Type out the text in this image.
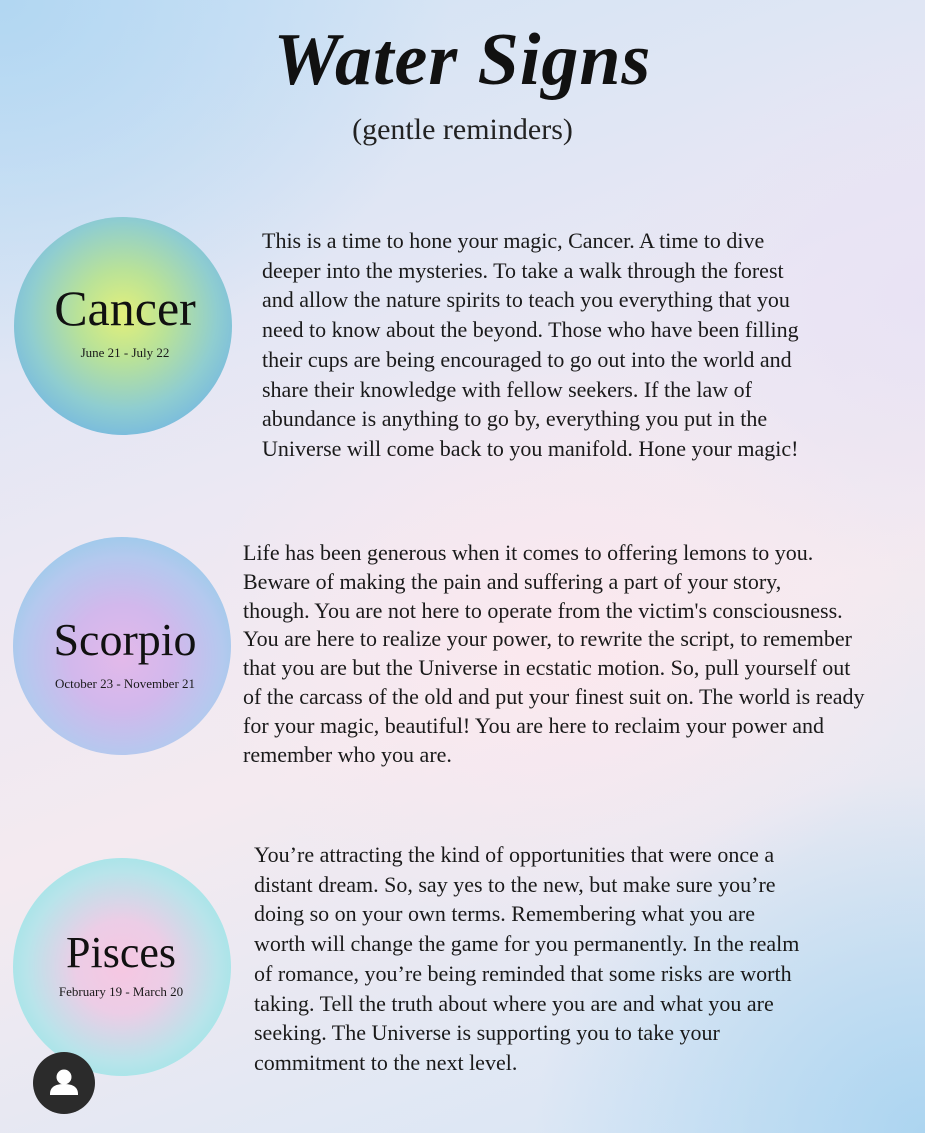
Water Signs
(gentle reminders)
Cancer
June 21 - July 22

This is a time to hone your magic, Cancer. A time to dive
deeper into the mysteries. To take a walk through the forest
and allow the nature spirits to teach you everything that you
need to know about the beyond. Those who have been filling
their cups are being encouraged to go out into the world and
share their knowledge with fellow seekers. If the law of
abundance is anything to go by, everything you put in the
Universe will come back to you manifold. Hone your magic!

Scorpio
October 23 - November 21

Life has been generous when it comes to offering lemons to you.
Beware of making the pain and suffering a part of your story,
though. You are not here to operate from the victim's consciousness.
You are here to realize your power, to rewrite the script, to remember
that you are but the Universe in ecstatic motion. So, pull yourself out
of the carcass of the old and put your finest suit on. The world is ready
for your magic, beautiful! You are here to reclaim your power and
remember who you are.

Pisces
February 19 - March 20

You’re attracting the kind of opportunities that were once a
distant dream. So, say yes to the new, but make sure you’re
doing so on your own terms. Remembering what you are
worth will change the game for you permanently. In the realm
of romance, you’re being reminded that some risks are worth
taking. Tell the truth about where you are and what you are
seeking. The Universe is supporting you to take your
commitment to the next level.
